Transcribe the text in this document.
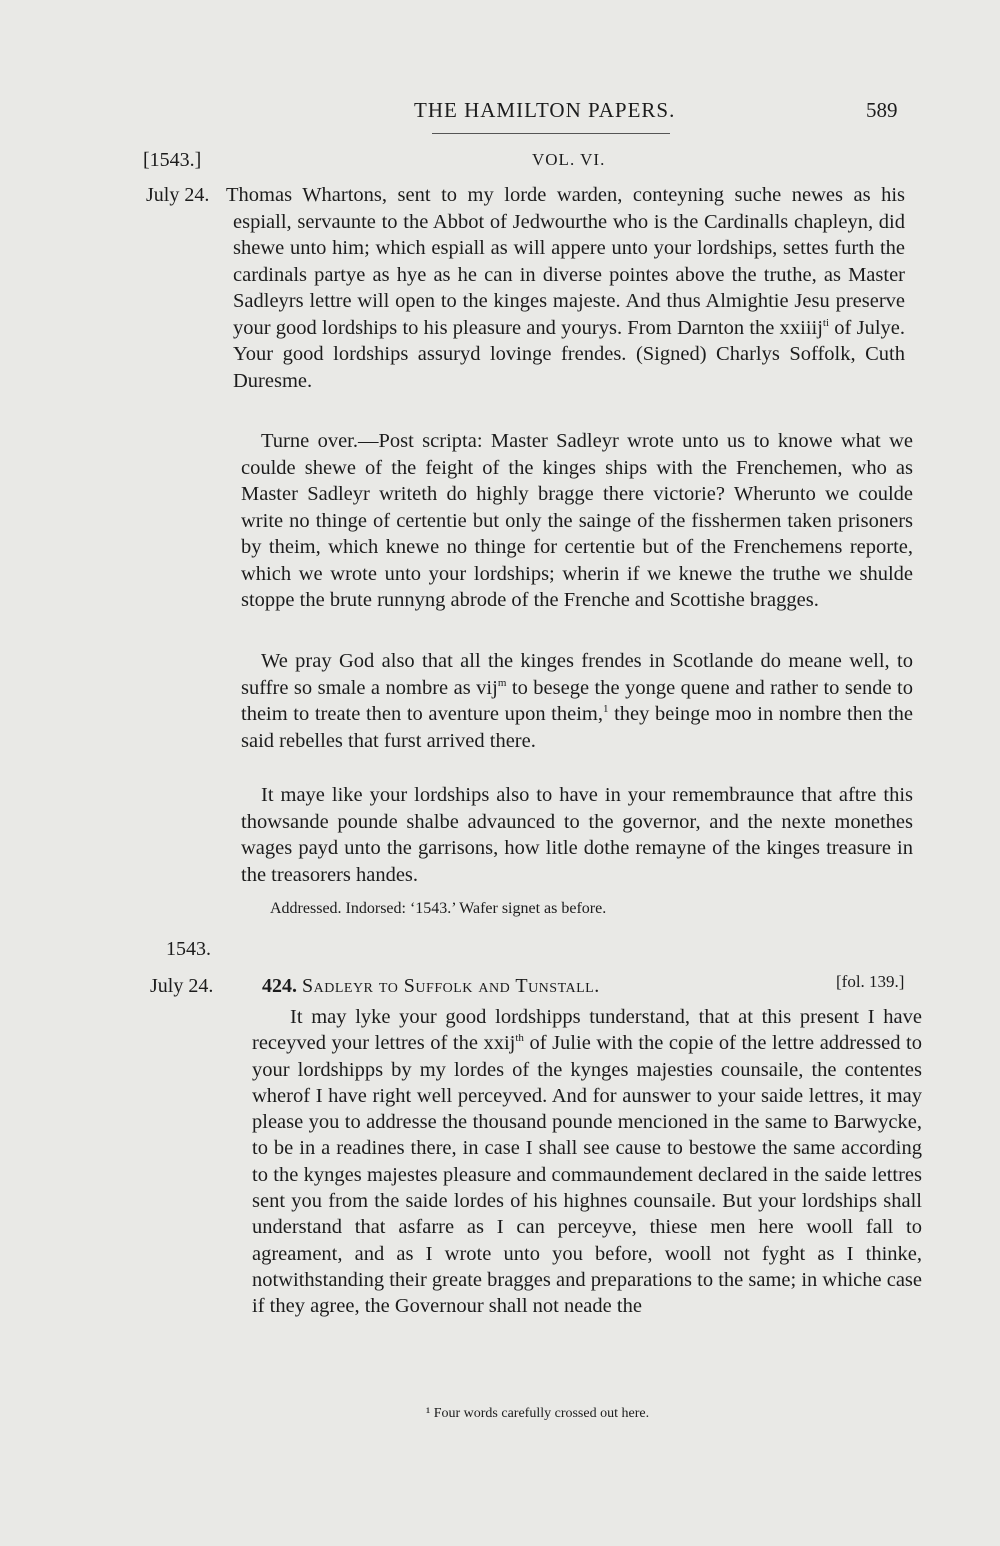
THE HAMILTON PAPERS.	589
[1543.]	VOL. VI.
July 24. Thomas Whartons, sent to my lorde warden, conteyning suche newes as his espiall, servaunte to the Abbot of Jedwourthe who is the Cardinalls chapleyn, did shewe unto him; which espiall as will appere unto your lordships, settes furth the cardinals partye as hye as he can in diverse pointes above the truthe, as Master Sadleyrs lettre will open to the kinges majeste. And thus Almightie Jesu preserve your good lordships to his pleasure and yourys. From Darnton the xxiiij$^{ti}$ of Julye. Your good lordships assuryd lovinge frendes. (Signed) Charlys Soffolk, Cuth Duresme.

Turne over.—Post scripta: Master Sadleyr wrote unto us to knowe what we coulde shewe of the feight of the kinges ships with the Frenchemen, who as Master Sadleyr writeth do highly bragge there victorie? Wherunto we coulde write no thinge of certentie but only the sainge of the fisshermen taken prisoners by theim, which knewe no thinge for certentie but of the Frenchemens reporte, which we wrote unto your lordships; wherin if we knewe the truthe we shulde stoppe the brute runnyng abrode of the Frenche and Scottishe bragges.

We pray God also that all the kinges frendes in Scotlande do meane well, to suffre so smale a nombre as vij$^m$ to besege the yonge quene and rather to sende to theim to treate then to aventure upon theim,$^1$ they beinge moo in nombre then the said rebelles that furst arrived there.

It maye like your lordships also to have in your remembraunce that aftre this thowsande pounde shalbe advaunced to the governor, and the nexte monethes wages payd unto the garrisons, how litle dothe remayne of the kinges treasure in the treasorers handes.

Addressed. Indorsed: ‘1543.’ Wafer signet as before.
1543.
July 24. 424. Sadleyr to Suffolk and Tunstall.	[fol. 139.]

It may lyke your good lordshipps tunderstand, that at this present I have receyved your lettres of the xxij$^{th}$ of Julie with the copie of the lettre addressed to your lordshipps by my lordes of the kynges majesties counsaile, the contentes wherof I have right well perceyved. And for aunswer to your saide lettres, it may please you to addresse the thousand pounde mencioned in the same to Barwycke, to be in a readines there, in case I shall see cause to bestowe the same according to the kynges majestes pleasure and commaundement declared in the saide lettres sent you from the saide lordes of his highnes counsaile. But your lordships shall understand that asfarre as I can perceyve, thiese men here wooll fall to agreament, and as I wrote unto you before, wooll not fyght as I thinke, notwithstanding their greate bragges and preparations to the same; in whiche case if they agree, the Governour shall not neade the

¹ Four words carefully crossed out here.
